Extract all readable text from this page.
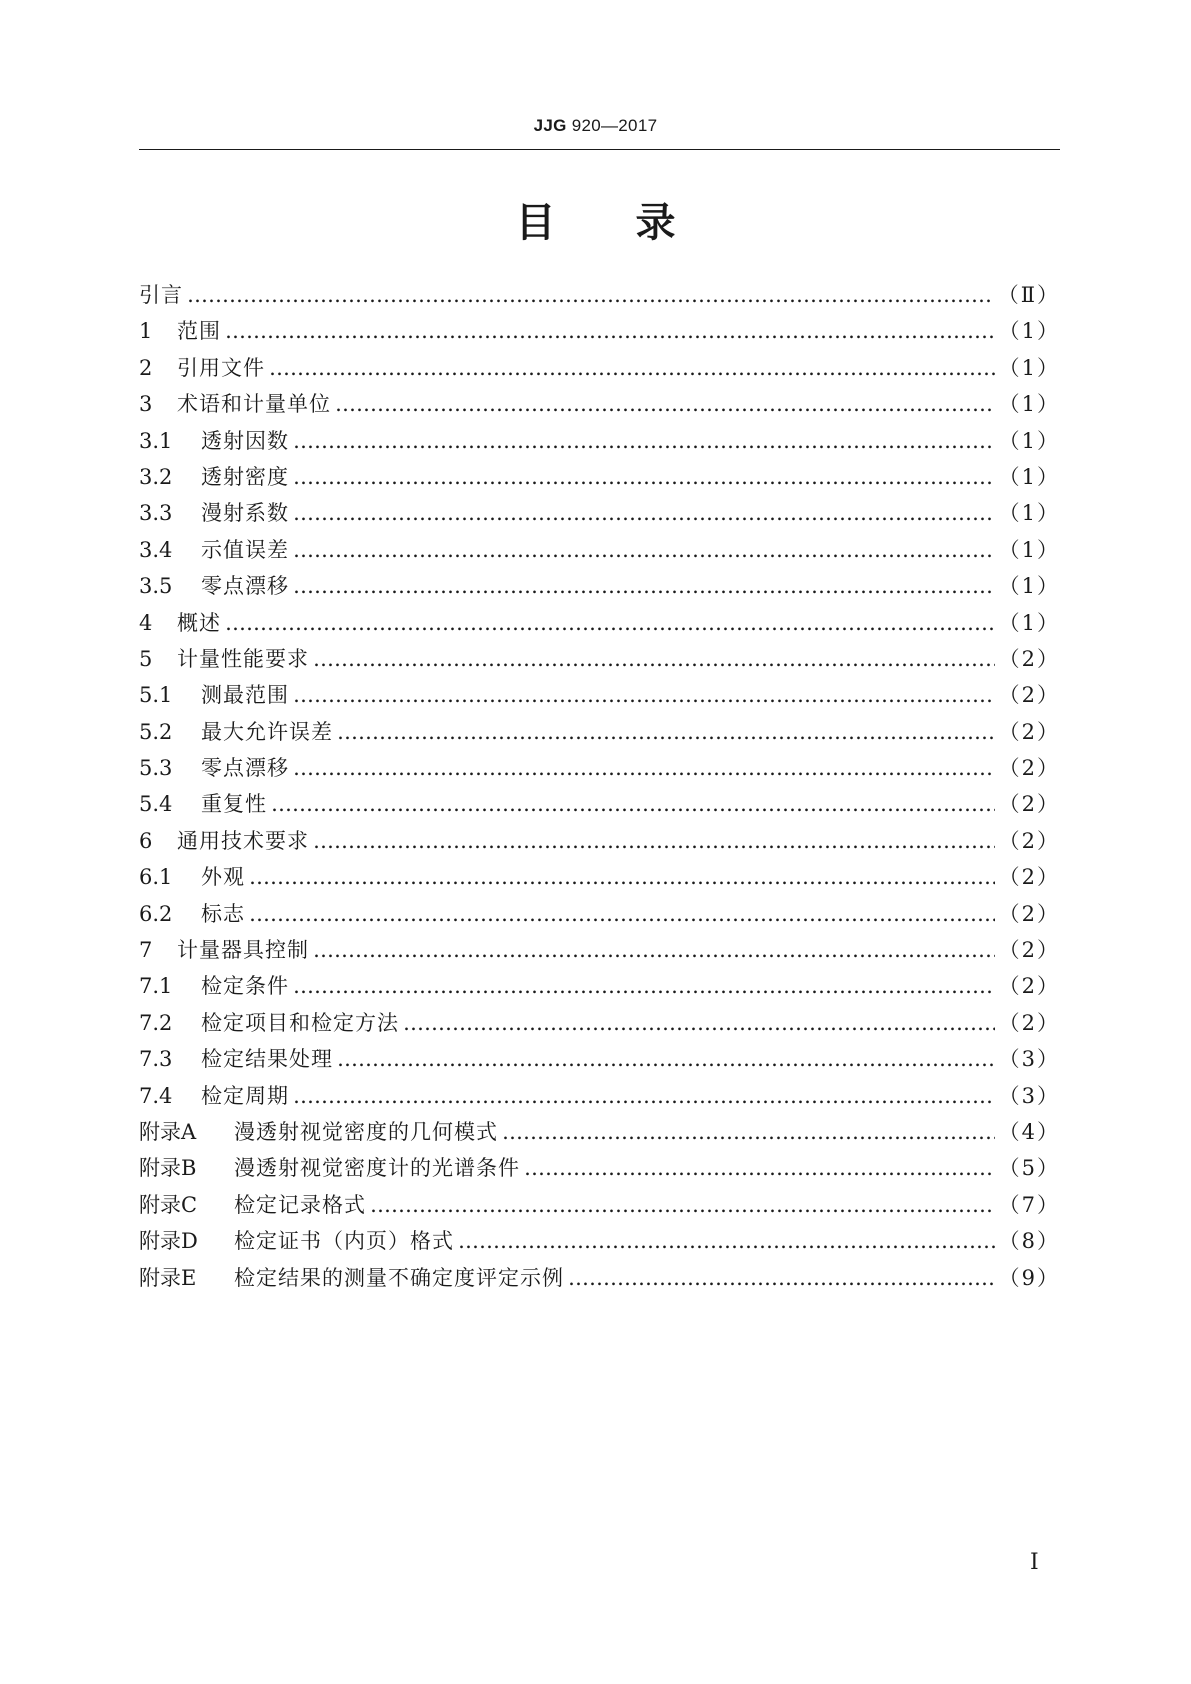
JJG 920—2017
目 录
引言 ………………………………………………………………………………………………………………………………………………………………………………………………	（Ⅱ）
1	范围 ………………………………………………………………………………………………………………………………………………………………………………………………	（1）
2	引用文件 ………………………………………………………………………………………………………………………………………………………………………………………………	（1）
3	术语和计量单位 ………………………………………………………………………………………………………………………………………………………………………………………………	（1）
3.1	透射因数 ………………………………………………………………………………………………………………………………………………………………………………………………	（1）
3.2	透射密度 ………………………………………………………………………………………………………………………………………………………………………………………………	（1）
3.3	漫射系数 ………………………………………………………………………………………………………………………………………………………………………………………………	（1）
3.4	示值误差 ………………………………………………………………………………………………………………………………………………………………………………………………	（1）
3.5	零点漂移 ………………………………………………………………………………………………………………………………………………………………………………………………	（1）
4	概述 ………………………………………………………………………………………………………………………………………………………………………………………………	（1）
5	计量性能要求 ………………………………………………………………………………………………………………………………………………………………………………………………	（2）
5.1	测最范围 ………………………………………………………………………………………………………………………………………………………………………………………………	（2）
5.2	最大允许误差 ………………………………………………………………………………………………………………………………………………………………………………………………	（2）
5.3	零点漂移 ………………………………………………………………………………………………………………………………………………………………………………………………	（2）
5.4	重复性 ………………………………………………………………………………………………………………………………………………………………………………………………	（2）
6	通用技术要求 ………………………………………………………………………………………………………………………………………………………………………………………………	（2）
6.1	外观 ………………………………………………………………………………………………………………………………………………………………………………………………	（2）
6.2	标志 ………………………………………………………………………………………………………………………………………………………………………………………………	（2）
7	计量器具控制 ………………………………………………………………………………………………………………………………………………………………………………………………	（2）
7.1	检定条件 ………………………………………………………………………………………………………………………………………………………………………………………………	（2）
7.2	检定项目和检定方法 ………………………………………………………………………………………………………………………………………………………………………………………………	（2）
7.3	检定结果处理 ………………………………………………………………………………………………………………………………………………………………………………………………	（3）
7.4	检定周期 ………………………………………………………………………………………………………………………………………………………………………………………………	（3）
附录A	漫透射视觉密度的几何模式 ………………………………………………………………………………………………………………………………………………………………………………………………	（4）
附录B	漫透射视觉密度计的光谱条件 ………………………………………………………………………………………………………………………………………………………………………………………………	（5）
附录C	检定记录格式 ………………………………………………………………………………………………………………………………………………………………………………………………	（7）
附录D	检定证书（内页）格式 ………………………………………………………………………………………………………………………………………………………………………………………………	（8）
附录E	检定结果的测量不确定度评定示例 ………………………………………………………………………………………………………………………………………………………………………………………………	（9）
I
